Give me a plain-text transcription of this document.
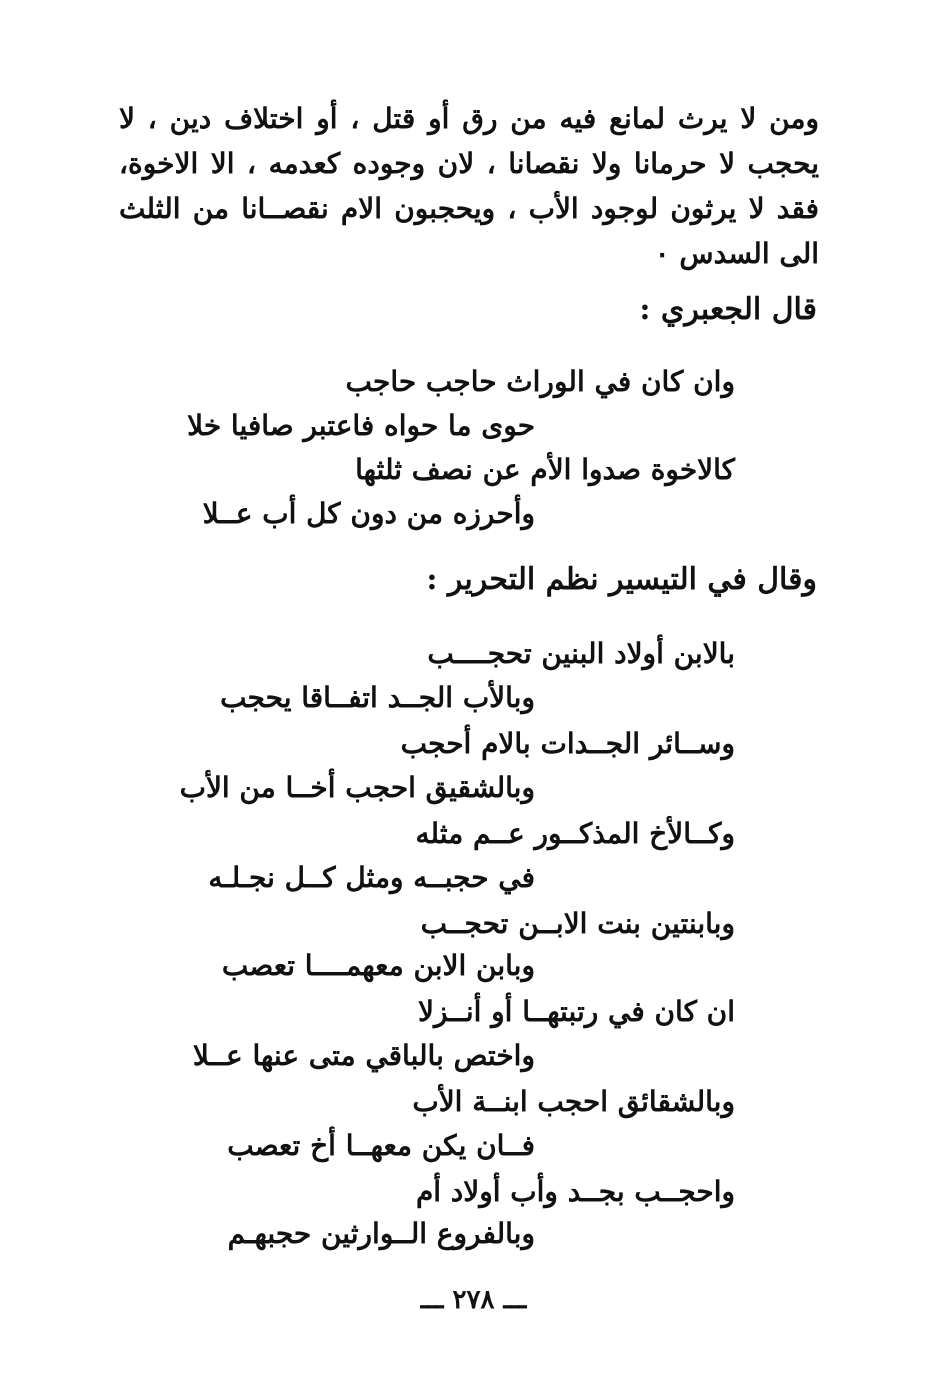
ومن لا يرث لمانع فيه من رق أو قتل ، أو اختلاف دين ، لا يحجب لا حرمانا ولا نقصانا ، لان وجوده كعدمه ، الا الاخوة، فقد لا يرثون لوجود الأب ، ويحجبون الام نقصــانا من الثلث الى السدس ٠

قال الجعبري :

وان كان في الوراث حاجب حاجب

حوى ما حواه فاعتبر صافيا خلا

كالاخوة صدوا الأم عن نصف ثلثها

وأحرزه من دون كل أب عــلا

وقال في التيسير نظم التحرير :

بالابن أولاد البنين تحجــــب

وبالأب الجــد اتفــاقا يحجب

وســائر الجــدات بالام أحجب

وبالشقيق احجب أخــا من الأب

وكــالأخ المذكــور عــم مثله

في حجبــه ومثل كــل نجـلـه

وبابنتين بنت الابــن تحجــب

وبابن الابن معهمــــا تعصب

ان كان في رتبتهــا أو أنــزلا

واختص بالباقي متى عنها عــلا

وبالشقائق احجب ابنــة الأب

فــان يكن معهــا أخ تعصب

واحجــب بجــد وأب أولاد أم

وبالفروع الــوارثين حجبهـم

ـــ ٢٧٨ ـــ
